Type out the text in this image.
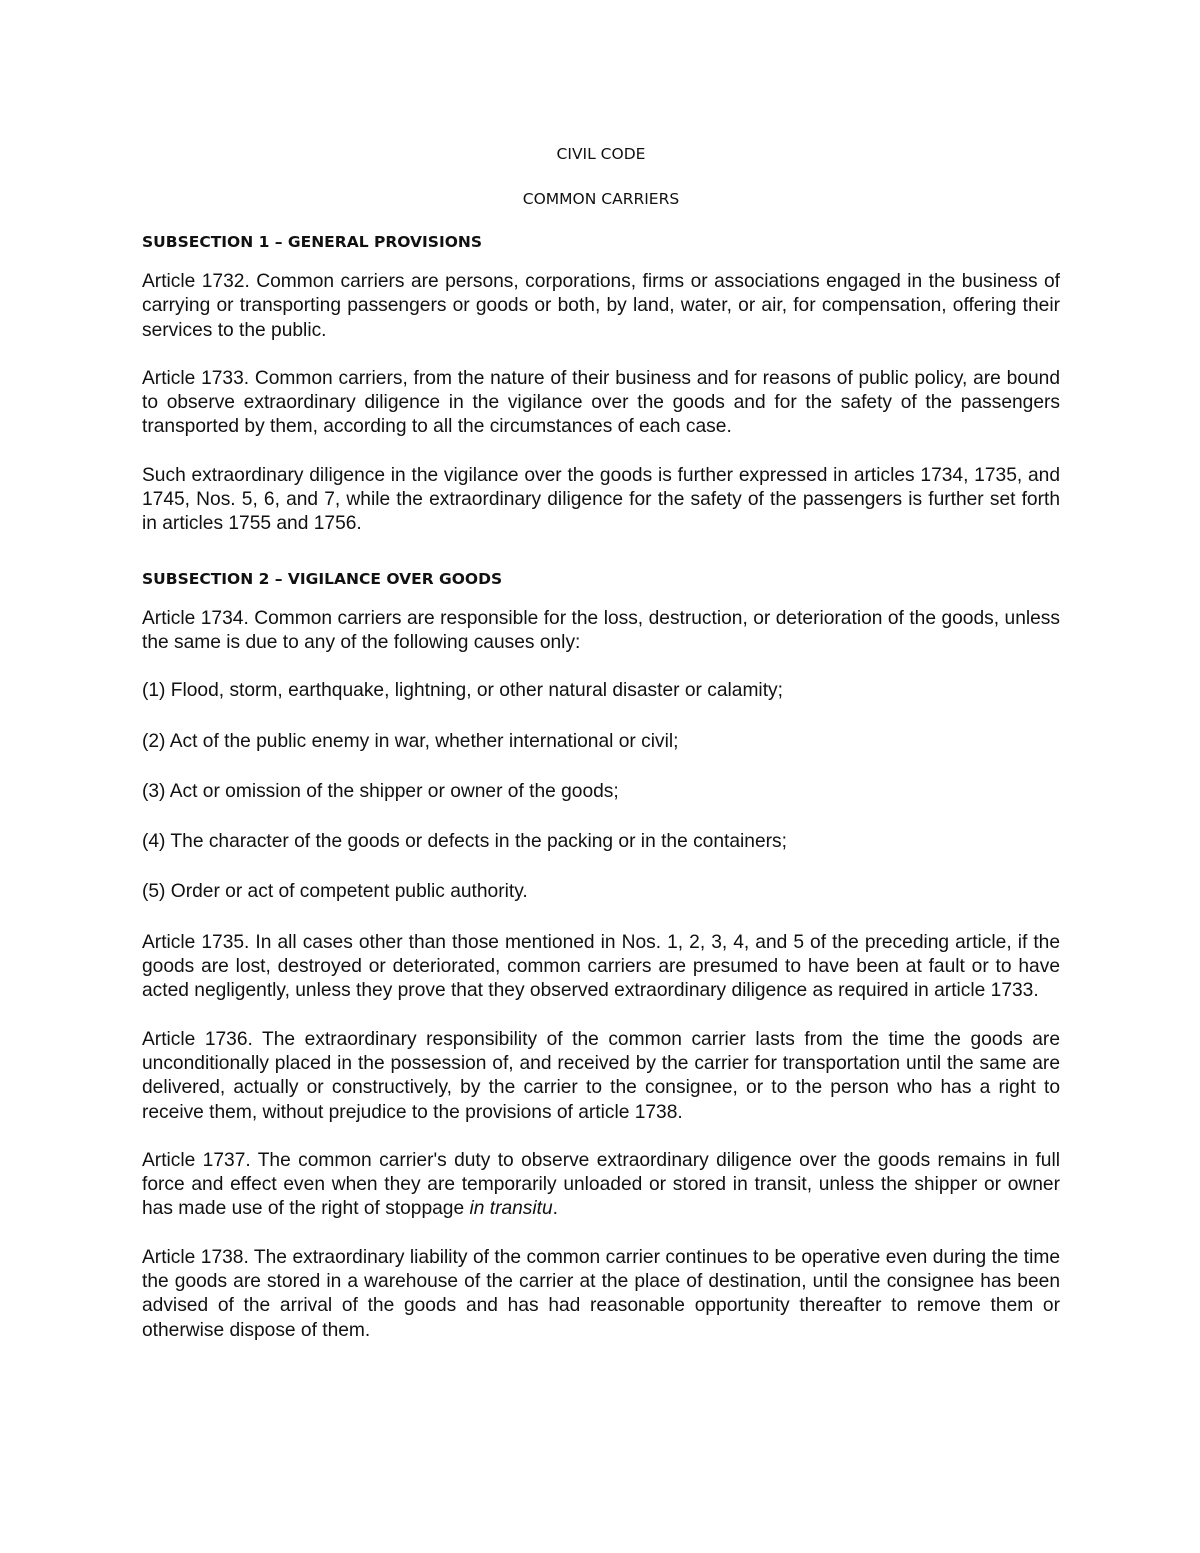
CIVIL CODE

COMMON CARRIERS

SUBSECTION 1 – GENERAL PROVISIONS

Article 1732. Common carriers are persons, corporations, firms or associations engaged in the business of carrying or transporting passengers or goods or both, by land, water, or air, for compensation, offering their services to the public.

Article 1733. Common carriers, from the nature of their business and for reasons of public policy, are bound to observe extraordinary diligence in the vigilance over the goods and for the safety of the passengers transported by them, according to all the circumstances of each case.

Such extraordinary diligence in the vigilance over the goods is further expressed in articles 1734, 1735, and 1745, Nos. 5, 6, and 7, while the extraordinary diligence for the safety of the passengers is further set forth in articles 1755 and 1756.

SUBSECTION 2 – VIGILANCE OVER GOODS

Article 1734. Common carriers are responsible for the loss, destruction, or deterioration of the goods, unless the same is due to any of the following causes only:

(1) Flood, storm, earthquake, lightning, or other natural disaster or calamity;

(2) Act of the public enemy in war, whether international or civil;

(3) Act or omission of the shipper or owner of the goods;

(4) The character of the goods or defects in the packing or in the containers;

(5) Order or act of competent public authority.

Article 1735. In all cases other than those mentioned in Nos. 1, 2, 3, 4, and 5 of the preceding article, if the goods are lost, destroyed or deteriorated, common carriers are presumed to have been at fault or to have acted negligently, unless they prove that they observed extraordinary diligence as required in article 1733.

Article 1736. The extraordinary responsibility of the common carrier lasts from the time the goods are unconditionally placed in the possession of, and received by the carrier for transportation until the same are delivered, actually or constructively, by the carrier to the consignee, or to the person who has a right to receive them, without prejudice to the provisions of article 1738.

Article 1737. The common carrier's duty to observe extraordinary diligence over the goods remains in full force and effect even when they are temporarily unloaded or stored in transit, unless the shipper or owner has made use of the right of stoppage in transitu.

Article 1738. The extraordinary liability of the common carrier continues to be operative even during the time the goods are stored in a warehouse of the carrier at the place of destination, until the consignee has been advised of the arrival of the goods and has had reasonable opportunity thereafter to remove them or otherwise dispose of them.
